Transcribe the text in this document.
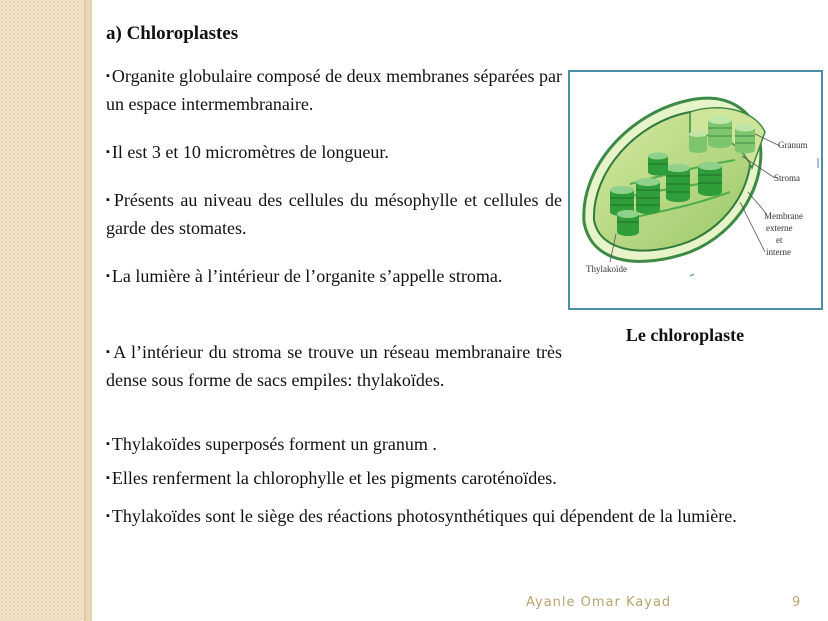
a) Chloroplastes
▪ Organite globulaire composé de deux membranes séparées par un espace intermembranaire.
▪ Il est 3 et 10 micromètres de longueur.
▪ Présents au niveau des cellules du mésophylle et cellules de garde des stomates.
▪ La lumière à l’intérieur de l’organite s’appelle stroma.
▪ A l’intérieur du stroma se trouve un réseau membranaire très dense sous forme de sacs empiles: thylakoïdes.
▪ Thylakoïdes superposés forment un granum .
▪ Elles renferment la chlorophylle et les pigments caroténoïdes.
▪ Thylakoïdes sont le siège des réactions photosynthétiques qui dépendent de la lumière.
Granum
Stroma
Membrane
externe
et
interne
Thylakoïde
Le chloroplaste
Ayanle Omar Kayad	9
